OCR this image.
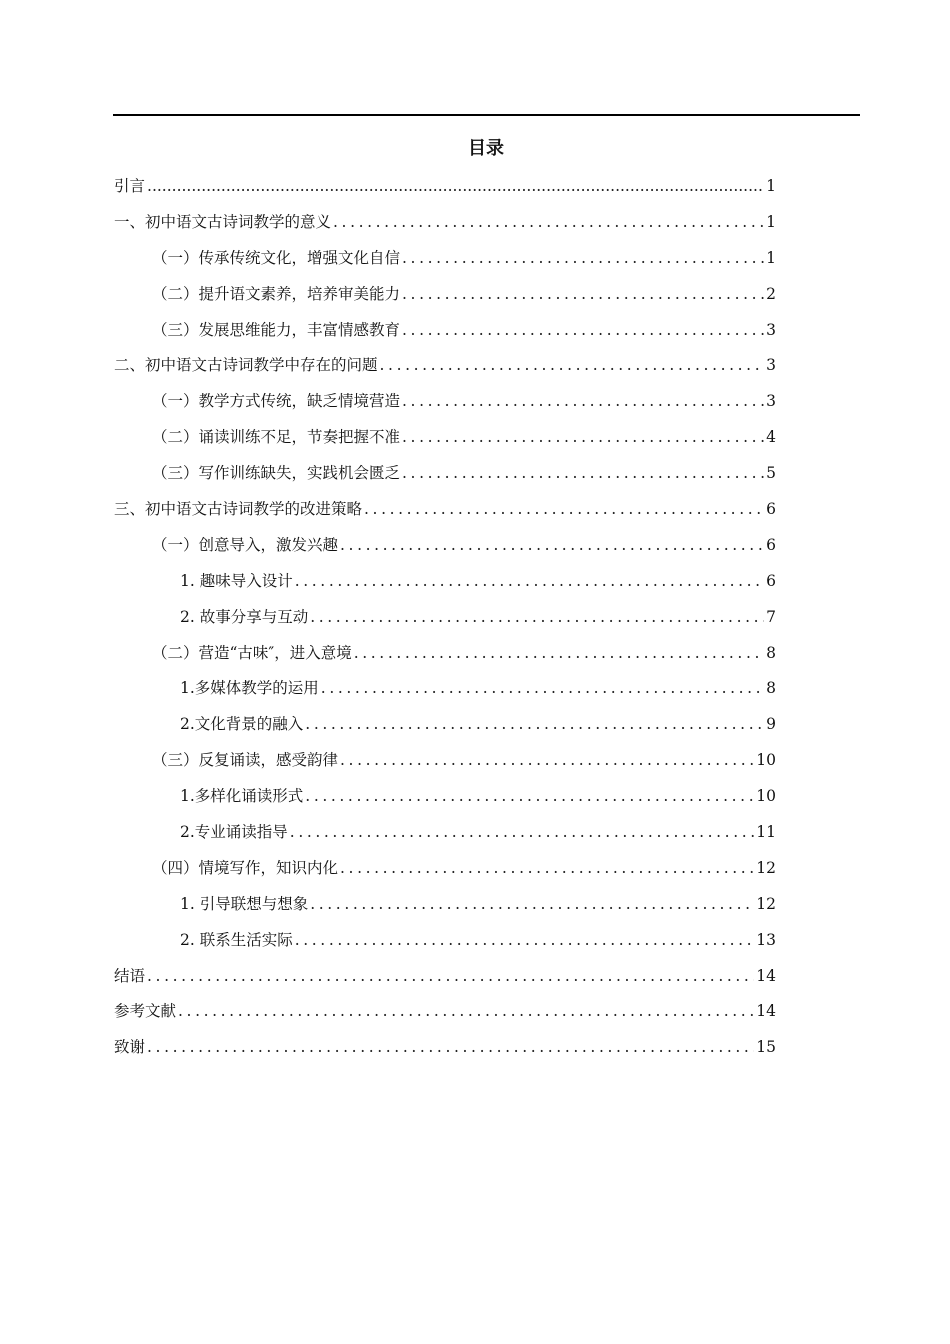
目录
引言 .....	1
一、初中语文古诗词教学的意义 .....	1
（一）传承传统文化，增强文化自信 .....	1
（二）提升语文素养，培养审美能力 .....	2
（三）发展思维能力，丰富情感教育 .....	3
二、初中语文古诗词教学中存在的问题 .....	3
（一）教学方式传统，缺乏情境营造 .....	3
（二）诵读训练不足，节奏把握不准 .....	4
（三）写作训练缺失，实践机会匮乏 .....	5
三、初中语文古诗词教学的改进策略 .....	6
（一）创意导入，激发兴趣 .....	6
1. 趣味导入设计 .....	6
2. 故事分享与互动 .....	7
（二）营造“古味″，进入意境 .....	8
1.多媒体教学的运用 .....	8
2.文化背景的融入 .....	9
（三）反复诵读，感受韵律 .....	10
1.多样化诵读形式 .....	10
2.专业诵读指导 .....	11
（四）情境写作，知识内化 .....	12
1. 引导联想与想象 .....	12
2. 联系生活实际 .....	13
结语 .....	14
参考文献 .....	14
致谢 .....	15
